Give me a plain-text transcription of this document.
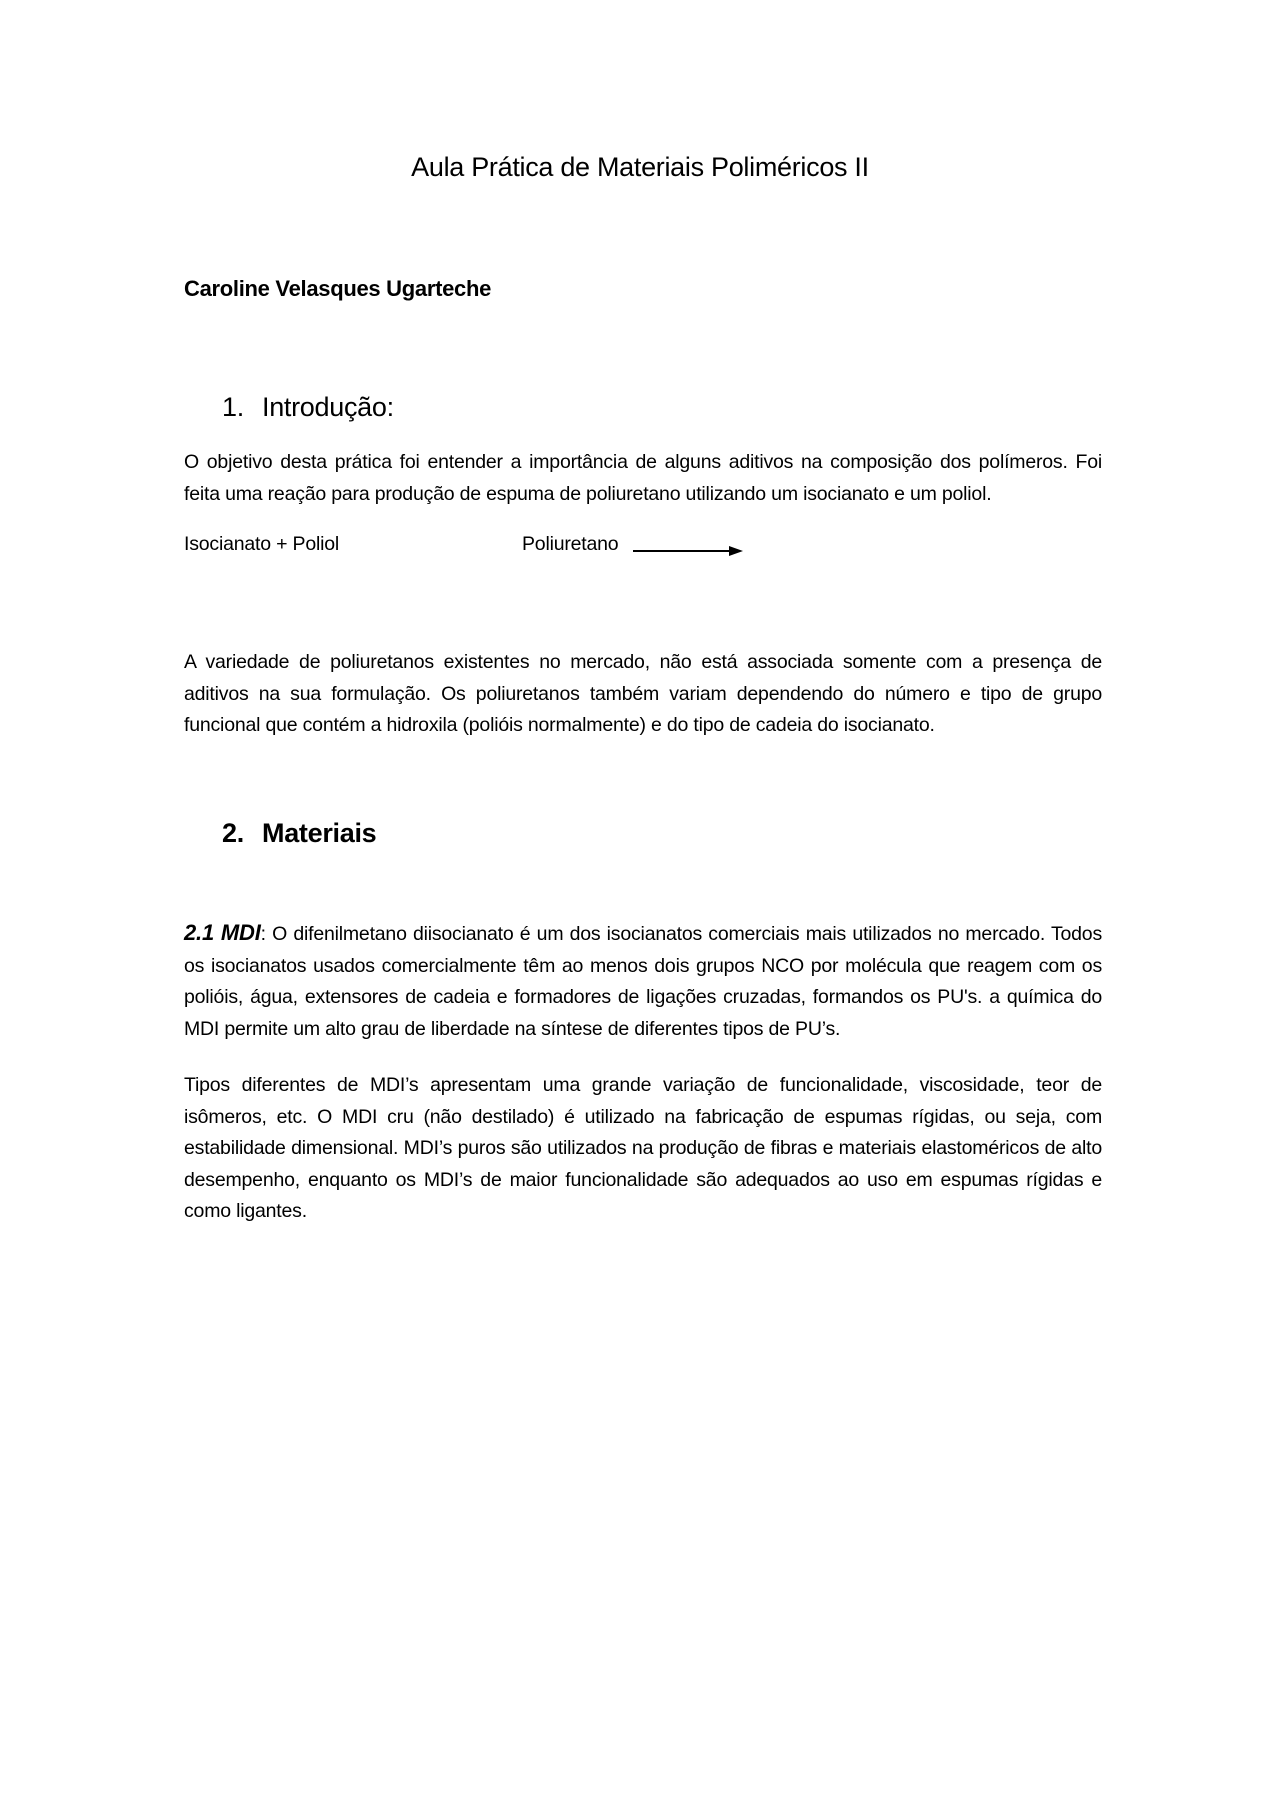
Aula Prática de Materiais Poliméricos II
Caroline Velasques Ugarteche
1. Introdução:

O objetivo desta prática foi entender a importância de alguns aditivos na composição dos polímeros. Foi feita uma reação para produção de espuma de poliuretano utilizando um isocianato e um poliol.

Isocianato + Poliol	Poliuretano

A variedade de poliuretanos existentes no mercado, não está associada somente com a presença de aditivos na sua formulação. Os poliuretanos também variam dependendo do número e tipo de grupo funcional que contém a hidroxila (polióis normalmente) e do tipo de cadeia do isocianato.

2. Materiais

2.1 MDI: O difenilmetano diisocianato é um dos isocianatos comerciais mais utilizados no mercado. Todos os isocianatos usados comercialmente têm ao menos dois grupos NCO por molécula que reagem com os polióis, água, extensores de cadeia e formadores de ligações cruzadas, formandos os PU's. a química do MDI permite um alto grau de liberdade na síntese de diferentes tipos de PU’s.

Tipos diferentes de MDI’s apresentam uma grande variação de funcionalidade, viscosidade, teor de isômeros, etc. O MDI cru (não destilado) é utilizado na fabricação de espumas rígidas, ou seja, com estabilidade dimensional. MDI’s puros são utilizados na produção de fibras e materiais elastoméricos de alto desempenho, enquanto os MDI’s de maior funcionalidade são adequados ao uso em espumas rígidas e como ligantes.
